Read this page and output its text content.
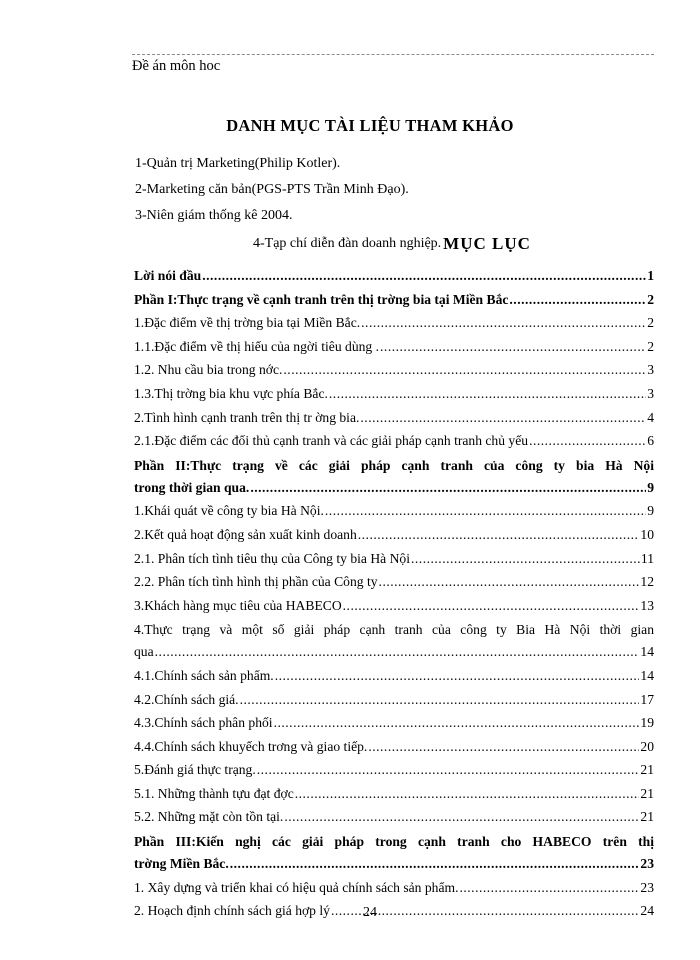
Đề án môn hoc
DANH MỤC TÀI LIỆU THAM KHẢO
1-Quản trị Marketing(Philip Kotler).
2-Marketing căn bản(PGS-PTS Trần Minh Đạo).
3-Niên giám thống kê 2004.
4-Tạp chí diễn đàn doanh nghiệp. MỤC LỤC
Lời nói đầu .....	1
Phần I:Thực trạng về cạnh tranh trên thị trờng bia tại Miền Bắc .....	2
1.Đặc điểm về thị trờng bia tại Miền Bắc. .....	2
1.1.Đặc điểm về thị hiếu của ngời tiêu dùng . .....	2
1.2. Nhu cầu bia trong nớc. .....	3
1.3.Thị trờng bia khu vực phía Bắc. .....	3
2.Tình hình cạnh tranh trên thị tr ờng bia. .....	4
2.1.Đặc điểm các đối thủ cạnh tranh và các giải pháp cạnh tranh chủ yếu .....	6
Phần II:Thực trạng về các giải pháp cạnh tranh của công ty bia Hà Nội
trong thời gian qua. .....	9
1.Khái quát về công ty bia Hà Nội. .....	9
2.Kết quả hoạt động sản xuất kinh doanh .....	10
2.1. Phân tích tình tiêu thụ của Công ty bia Hà Nội .....	11
2.2. Phân tích tình hình thị phần của Công ty .....	12
3.Khách hàng mục tiêu của HABECO .....	13
4.Thực trạng và một số giải pháp cạnh tranh của công ty Bia Hà Nội thời gian
qua .....	14
4.1.Chính sách sản phẩm. .....	14
4.2.Chính sách giá. .....	17
4.3.Chính sách phân phối .....	19
4.4.Chính sách khuyếch trơng và giao tiếp. .....	20
5.Đánh giá thực trạng. .....	21
5.1. Những thành tựu đạt đợc .....	21
5.2. Những mặt còn tồn tại. .....	21
Phần III:Kiến nghị các giải pháp trong cạnh tranh cho HABECO trên thị
trờng Miền Bắc. .....	23
1. Xây dựng và triển khai có hiệu quả chính sách sản phẩm. .....	23
2. Hoạch định chính sách giá hợp lý .....	24
24
